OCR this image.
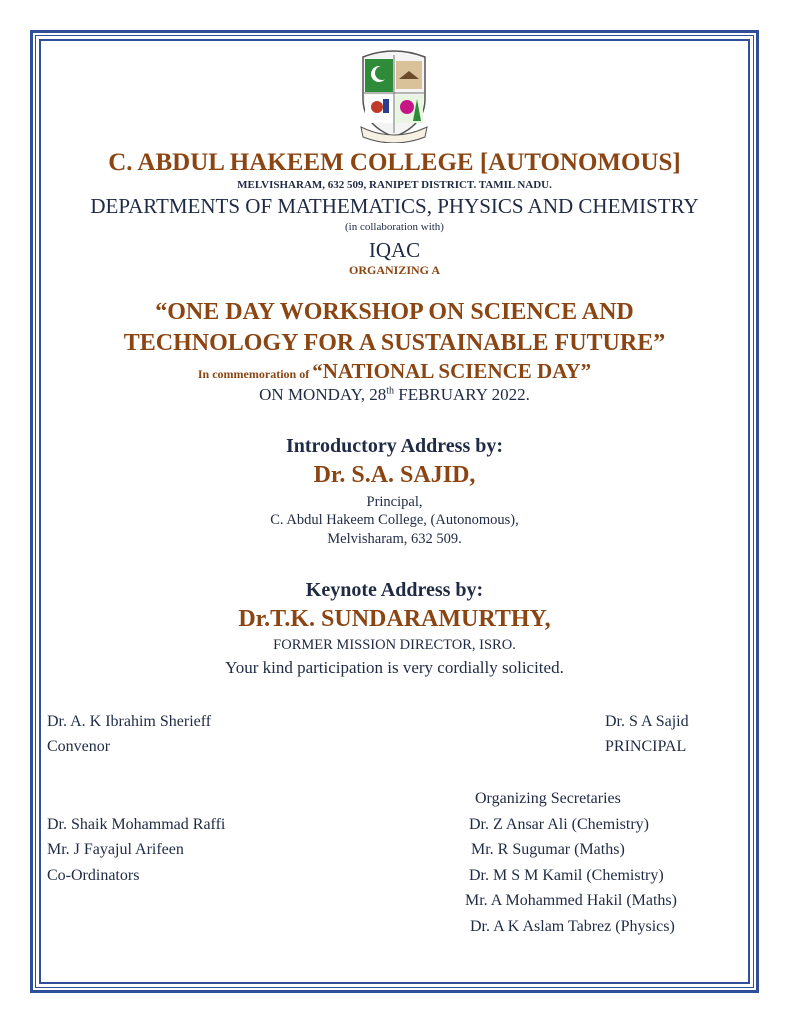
C. ABDUL HAKEEM COLLEGE [AUTONOMOUS]
MELVISHARAM, 632 509, RANIPET DISTRICT. TAMIL NADU.
DEPARTMENTS OF MATHEMATICS, PHYSICS AND CHEMISTRY
(in collaboration with)
IQAC
ORGANIZING A
“ONE DAY WORKSHOP ON SCIENCE AND
TECHNOLOGY FOR A SUSTAINABLE FUTURE”
In commemoration of “NATIONAL SCIENCE DAY”
ON MONDAY, 28th FEBRUARY 2022.
Introductory Address by:
Dr. S.A. SAJID,
Principal,
C. Abdul Hakeem College, (Autonomous),
Melvisharam, 632 509.
Keynote Address by:
Dr.T.K. SUNDARAMURTHY,
FORMER MISSION DIRECTOR, ISRO.
Your kind participation is very cordially solicited.
Dr. A. K Ibrahim Sherieff
Convenor
Dr. S A Sajid
PRINCIPAL
Organizing Secretaries
Dr. Shaik Mohammad Raffi
Mr. J Fayajul Arifeen
Co-Ordinators
Dr. Z Ansar Ali (Chemistry)
Mr. R Sugumar (Maths)
Dr. M S M Kamil (Chemistry)
Mr. A Mohammed Hakil (Maths)
Dr. A K Aslam Tabrez (Physics)
